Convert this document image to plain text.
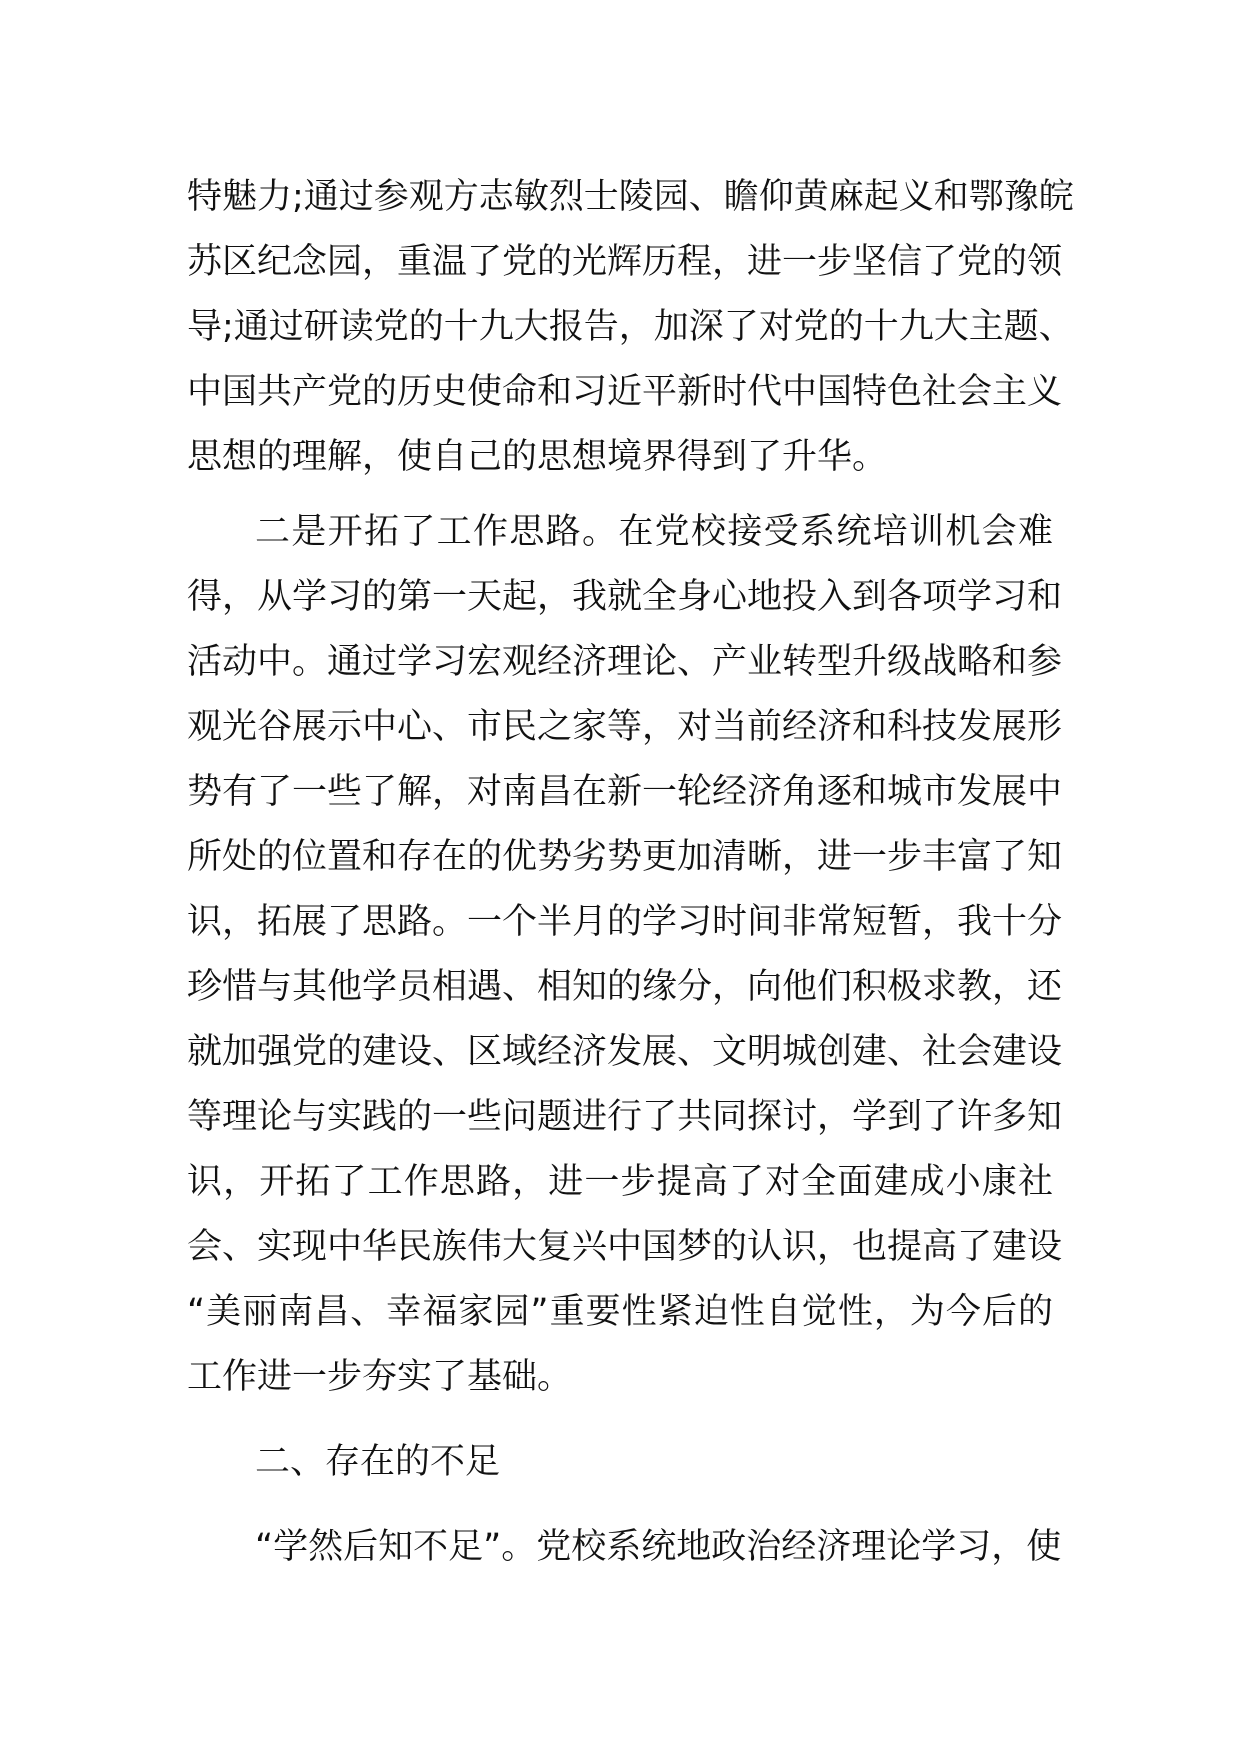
特魅力;通过参观方志敏烈士陵园、瞻仰黄麻起义和鄂豫皖
苏区纪念园，重温了党的光辉历程，进一步坚信了党的领
导;通过研读党的十九大报告，加深了对党的十九大主题、
中国共产党的历史使命和习近平新时代中国特色社会主义
思想的理解，使自己的思想境界得到了升华。
二是开拓了工作思路。在党校接受系统培训机会难
得，从学习的第一天起，我就全身心地投入到各项学习和
活动中。通过学习宏观经济理论、产业转型升级战略和参
观光谷展示中心、市民之家等，对当前经济和科技发展形
势有了一些了解，对南昌在新一轮经济角逐和城市发展中
所处的位置和存在的优势劣势更加清晰，进一步丰富了知
识，拓展了思路。一个半月的学习时间非常短暂，我十分
珍惜与其他学员相遇、相知的缘分，向他们积极求教，还
就加强党的建设、区域经济发展、文明城创建、社会建设
等理论与实践的一些问题进行了共同探讨，学到了许多知
识，开拓了工作思路，进一步提高了对全面建成小康社
会、实现中华民族伟大复兴中国梦的认识，也提高了建设
“美丽南昌、幸福家园”重要性紧迫性自觉性，为今后的
工作进一步夯实了基础。
二、存在的不足
“学然后知不足”。党校系统地政治经济理论学习，使
